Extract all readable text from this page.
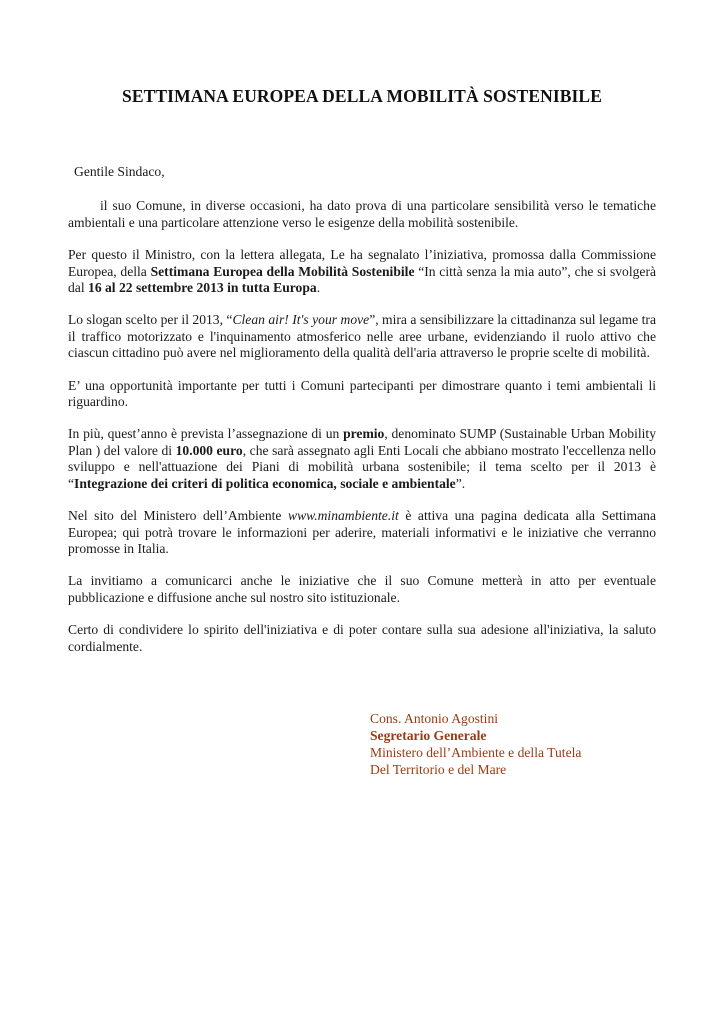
SETTIMANA EUROPEA DELLA MOBILITÀ SOSTENIBILE
Gentile Sindaco,

il suo Comune, in diverse occasioni, ha dato prova di una particolare sensibilità verso le tematiche ambientali e una particolare attenzione verso le esigenze della mobilità sostenibile.

Per questo il Ministro, con la lettera allegata, Le ha segnalato l’iniziativa, promossa dalla Commissione Europea, della Settimana Europea della Mobilità Sostenibile “In città senza la mia auto”, che si svolgerà dal 16 al 22 settembre 2013 in tutta Europa.

Lo slogan scelto per il 2013, “Clean air! It's your move”, mira a sensibilizzare la cittadinanza sul legame tra il traffico motorizzato e l'inquinamento atmosferico nelle aree urbane, evidenziando il ruolo attivo che ciascun cittadino può avere nel miglioramento della qualità dell'aria attraverso le proprie scelte di mobilità.

E’ una opportunità importante per tutti i Comuni partecipanti per dimostrare quanto i temi ambientali li riguardino.

In più, quest’anno è prevista l’assegnazione di un premio, denominato SUMP (Sustainable Urban Mobility Plan ) del valore di 10.000 euro, che sarà assegnato agli Enti Locali che abbiano mostrato l'eccellenza nello sviluppo e nell'attuazione dei Piani di mobilità urbana sostenibile; il tema scelto per il 2013 è “Integrazione dei criteri di politica economica, sociale e ambientale”.

Nel sito del Ministero dell’Ambiente www.minambiente.it è attiva una pagina dedicata alla Settimana Europea; qui potrà trovare le informazioni per aderire, materiali informativi e le iniziative che verranno promosse in Italia.

La invitiamo a comunicarci anche le iniziative che il suo Comune metterà in atto per eventuale pubblicazione e diffusione anche sul nostro sito istituzionale.

Certo di condividere lo spirito dell'iniziativa e di poter contare sulla sua adesione all'iniziativa, la saluto cordialmente.

Cons. Antonio Agostini
Segretario Generale
Ministero dell’Ambiente e della Tutela
Del Territorio e del Mare
